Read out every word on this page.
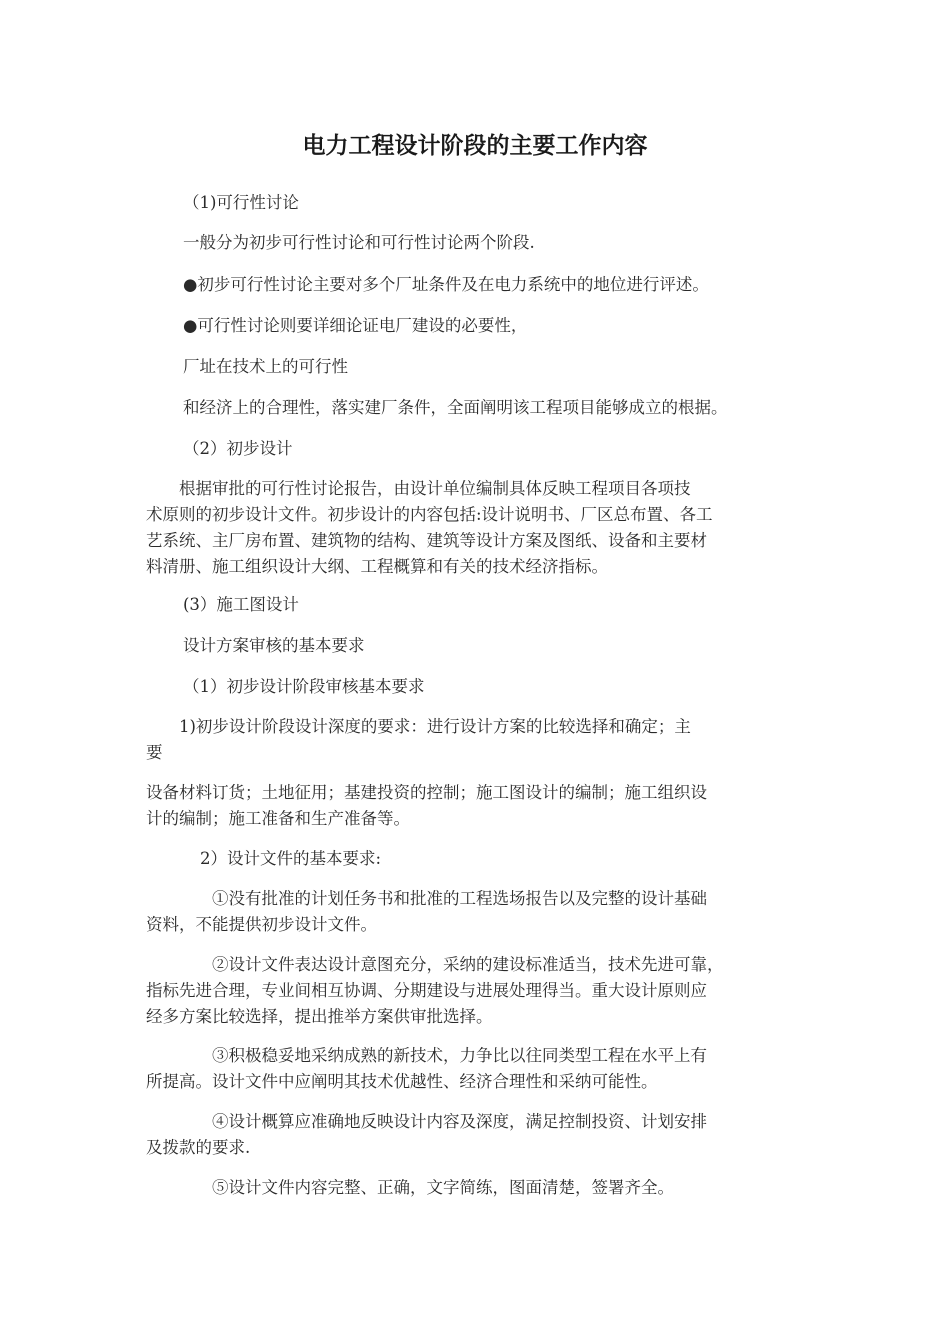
电力工程设计阶段的主要工作内容
（1)可行性讨论
一般分为初步可行性讨论和可行性讨论两个阶段.
●初步可行性讨论主要对多个厂址条件及在电力系统中的地位进行评述。
●可行性讨论则要详细论证电厂建设的必要性，
厂址在技术上的可行性
和经济上的合理性，落实建厂条件，全面阐明该工程项目能够成立的根据。
（2）初步设计
　　根据审批的可行性讨论报告，由设计单位编制具体反映工程项目各项技
术原则的初步设计文件。初步设计的内容包括:设计说明书、厂区总布置、各工
艺系统、主厂房布置、建筑物的结构、建筑等设计方案及图纸、设备和主要材
料清册、施工组织设计大纲、工程概算和有关的技术经济指标。
(3）施工图设计
设计方案审核的基本要求
（1）初步设计阶段审核基本要求
　　1)初步设计阶段设计深度的要求：进行设计方案的比较选择和确定；主
要
设备材料订货；土地征用；基建投资的控制；施工图设计的编制；施工组织设
计的编制；施工准备和生产准备等。
2）设计文件的基本要求:
　　　　①没有批准的计划任务书和批准的工程选场报告以及完整的设计基础
资料，不能提供初步设计文件。
　　　　②设计文件表达设计意图充分，采纳的建设标准适当，技术先进可靠，
指标先进合理，专业间相互协调、分期建设与进展处理得当。重大设计原则应
经多方案比较选择，提出推举方案供审批选择。
　　　　③积极稳妥地采纳成熟的新技术，力争比以往同类型工程在水平上有
所提高。设计文件中应阐明其技术优越性、经济合理性和采纳可能性。
　　　　④设计概算应准确地反映设计内容及深度，满足控制投资、计划安排
及拨款的要求.
　　　　⑤设计文件内容完整、正确，文字简练，图面清楚，签署齐全。
